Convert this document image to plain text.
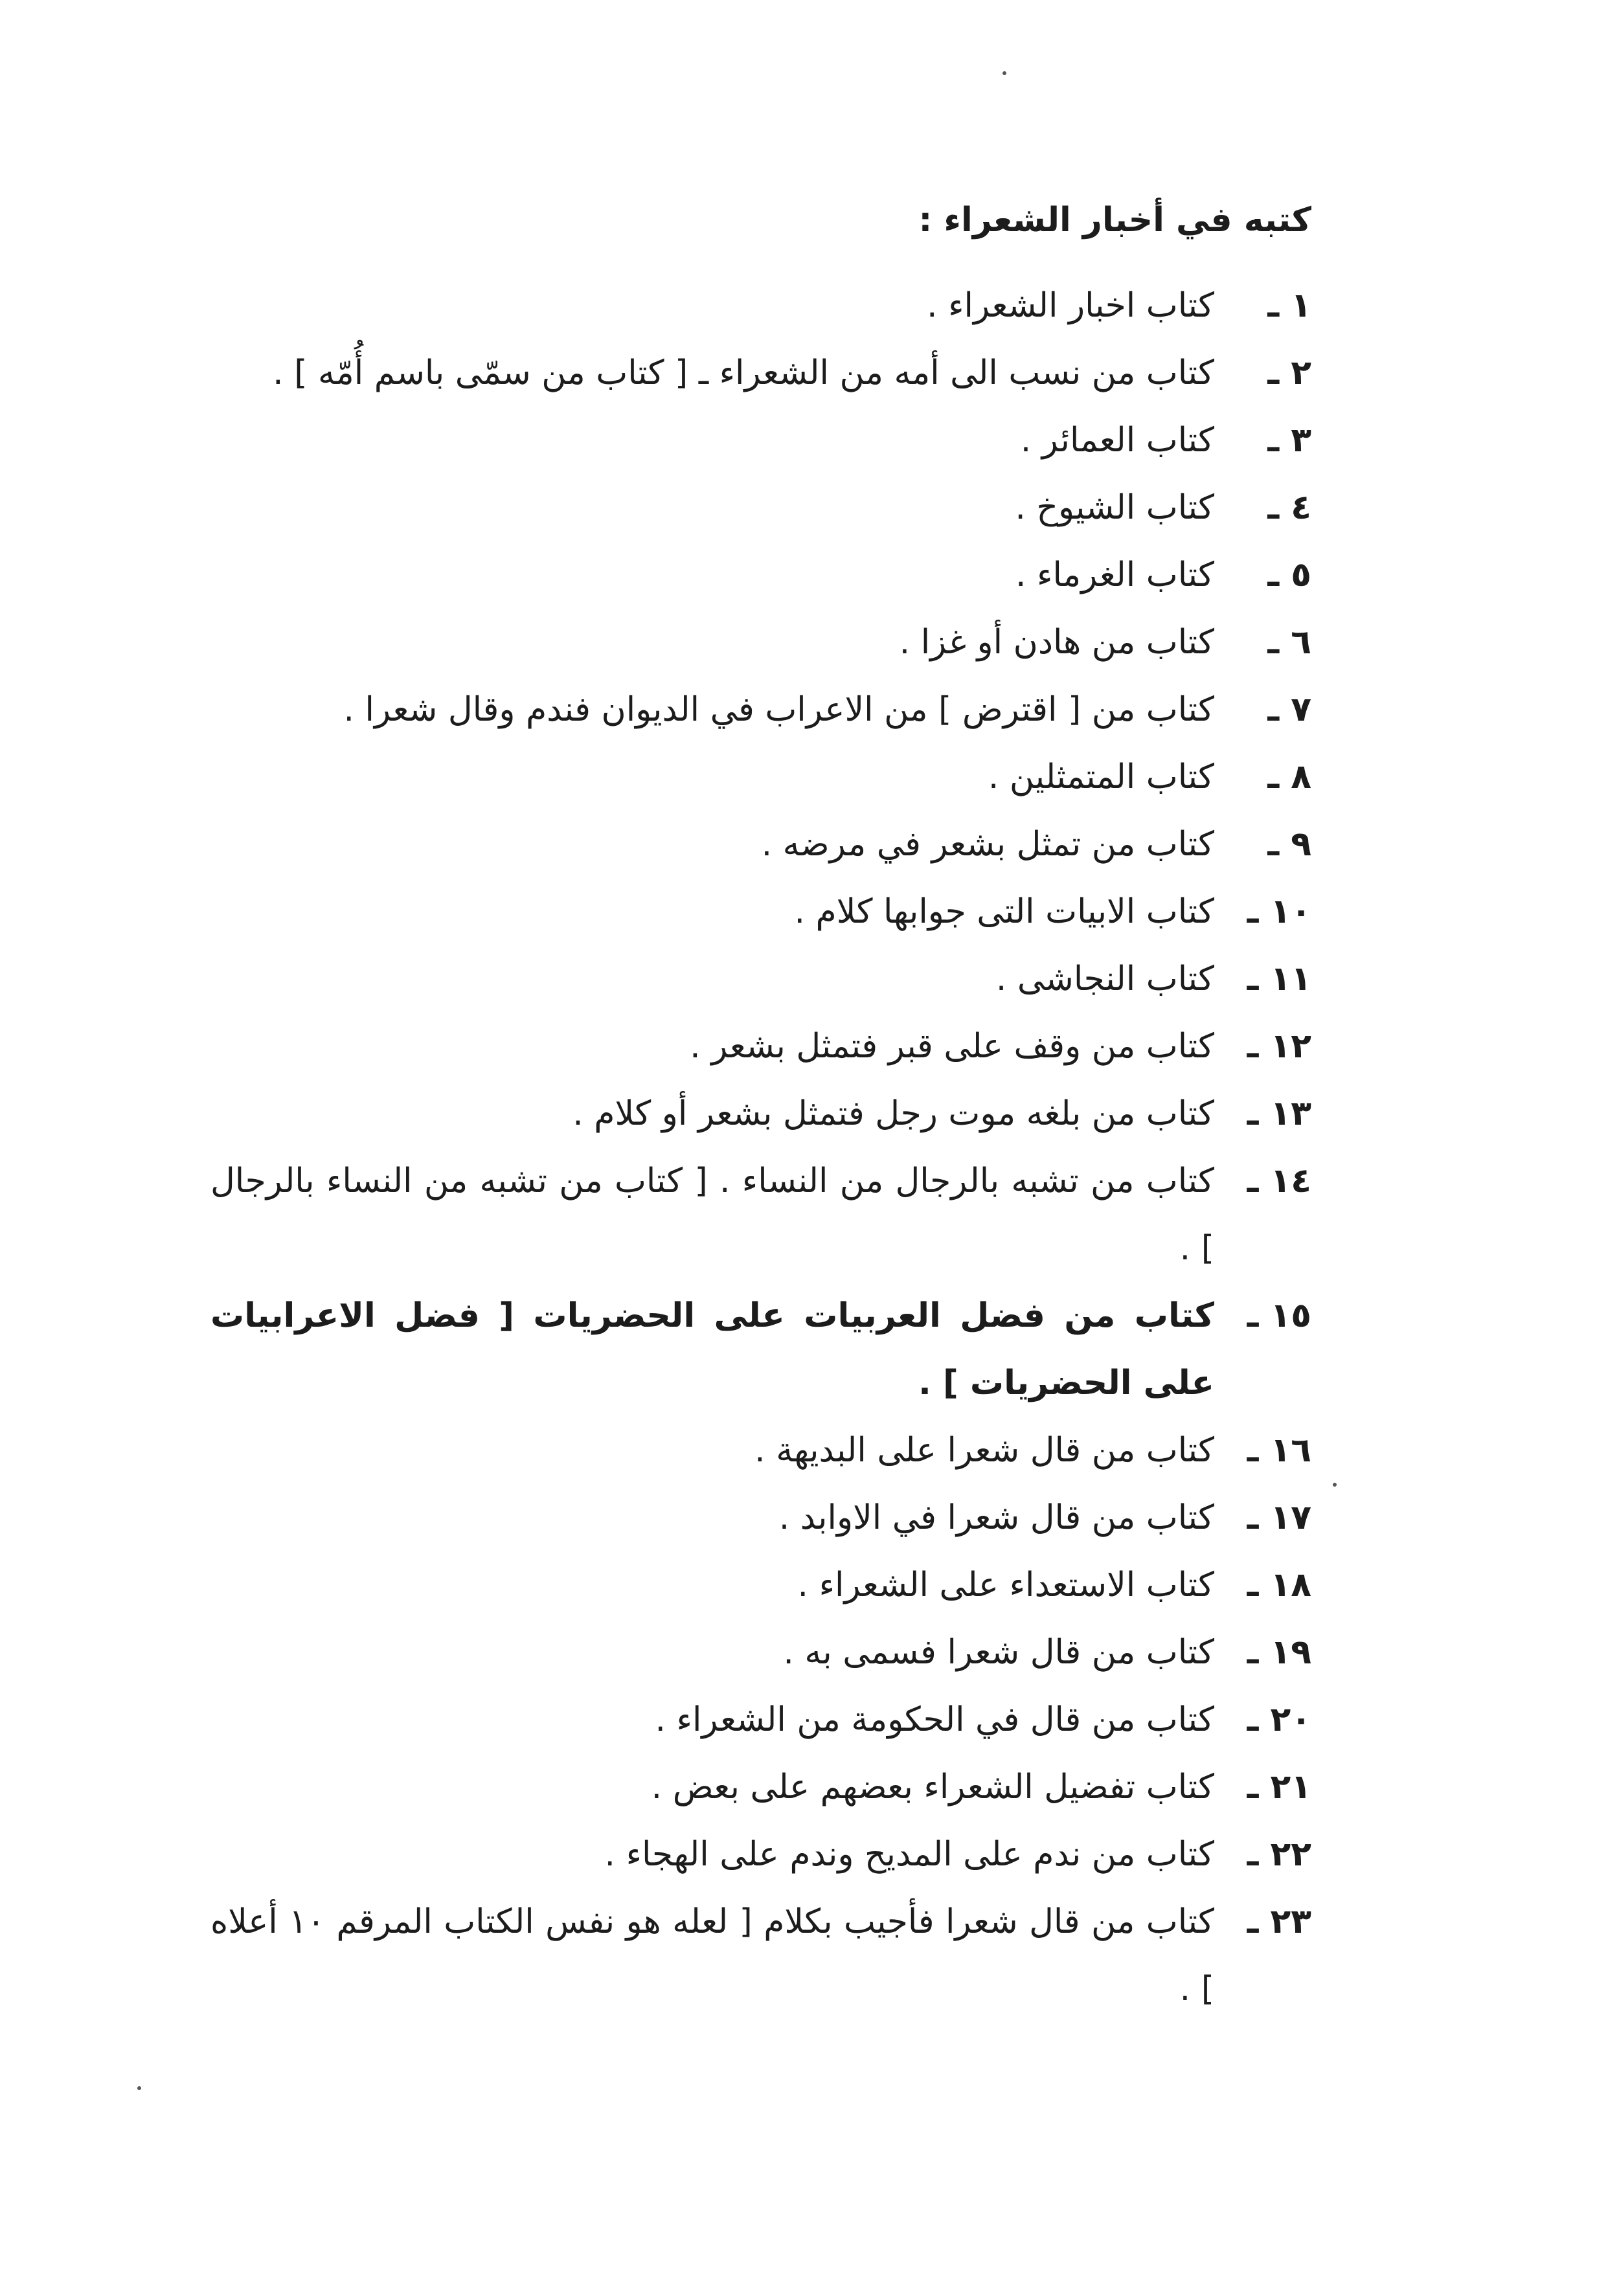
كتبه في أخبار الشعراء :
١ ـ
كتاب اخبار الشعراء .
٢ ـ
كتاب من نسب الى أمه من الشعراء ـ [ كتاب من سمّى باسم أُمّه ] .
٣ ـ
كتاب العمائر .
٤ ـ
كتاب الشيوخ .
٥ ـ
كتاب الغرماء .
٦ ـ
كتاب من هادن أو غزا .
٧ ـ
كتاب من [ اقترض ] من الاعراب في الديوان فندم وقال شعرا .
٨ ـ
كتاب المتمثلين .
٩ ـ
كتاب من تمثل بشعر في مرضه .
١٠ ـ
كتاب الابيات التى جوابها كلام .
١١ ـ
كتاب النجاشى .
١٢ ـ
كتاب من وقف على قبر فتمثل بشعر .
١٣ ـ
كتاب من بلغه موت رجل فتمثل بشعر أو كلام .
١٤ ـ
كتاب من تشبه بالرجال من النساء . [ كتاب من تشبه من النساء بالرجال ] .
١٥ ـ
كتاب من فضل العربيات على الحضريات [ فضل الاعرابيات على الحضريات ] .
١٦ ـ
كتاب من قال شعرا على البديهة .
١٧ ـ
كتاب من قال شعرا في الاوابد .
١٨ ـ
كتاب الاستعداء على الشعراء .
١٩ ـ
كتاب من قال شعرا فسمى به .
٢٠ ـ
كتاب من قال في الحكومة من الشعراء .
٢١ ـ
كتاب تفضيل الشعراء بعضهم على بعض .
٢٢ ـ
كتاب من ندم على المديح وندم على الهجاء .
٢٣ ـ
كتاب من قال شعرا فأجيب بكلام [ لعله هو نفس الكتاب المرقم ١٠ أعلاه ] .
